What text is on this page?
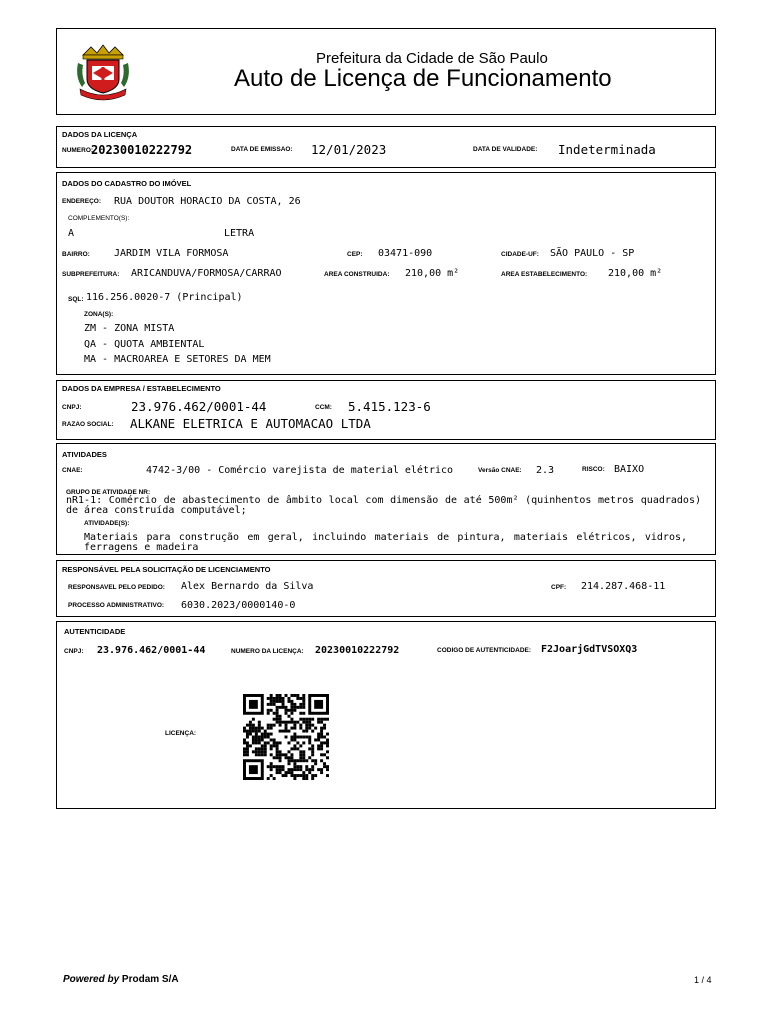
Prefeitura da Cidade de São Paulo
Auto de Licença de Funcionamento
DADOS DA LICENÇA
NUMERO:
20230010222792	DATA DE EMISSAO: 12/01/2023	DATA DE VALIDADE: Indeterminada
DADOS DO CADASTRO DO IMÓVEL
ENDEREÇO: RUA DOUTOR HORACIO DA COSTA, 26
COMPLEMENTO(S):
A	LETRA
BAIRRO: JARDIM VILA FORMOSA	CEP: 03471-090	CIDADE-UF: SÃO PAULO - SP
SUBPREFEITURA: ARICANDUVA/FORMOSA/CARRAO	AREA CONSTRUIDA: 210,00 m²	AREA ESTABELECIMENTO: 210,00 m²
SQL: 116.256.0020-7 (Principal)
ZONA(S):
ZM - ZONA MISTA
QA - QUOTA AMBIENTAL
MA - MACROAREA E SETORES DA MEM
DADOS DA EMPRESA / ESTABELECIMENTO
CNPJ:	23.976.462/0001-44	CCM: 5.415.123-6
RAZAO SOCIAL: ALKANE ELETRICA E AUTOMACAO LTDA
ATIVIDADES
CNAE:	4742-3/00 - Comércio varejista de material elétrico	Versão CNAE: 2.3	RISCO: BAIXO
GRUPO DE ATIVIDADE NR:
nR1-1: Comércio de abastecimento de âmbito local com dimensão de até 500m² (quinhentos metros quadrados) de área construída computável;
ATIVIDADE(S):
Materiais para construção em geral, incluindo materiais de pintura, materiais elétricos, vidros, ferragens e madeira
RESPONSÁVEL PELA SOLICITAÇÃO DE LICENCIAMENTO
RESPONSAVEL PELO PEDIDO: Alex Bernardo da Silva	CPF: 214.287.468-11
PROCESSO ADMINISTRATIVO: 6030.2023/0000140-0
AUTENTICIDADE
CNPJ: 23.976.462/0001-44	NUMERO DA LICENÇA: 20230010222792	CODIGO DE AUTENTICIDADE: F2JoarjGdTVSOXQ3
LICENÇA:
Powered by Prodam S/A	1 / 4
